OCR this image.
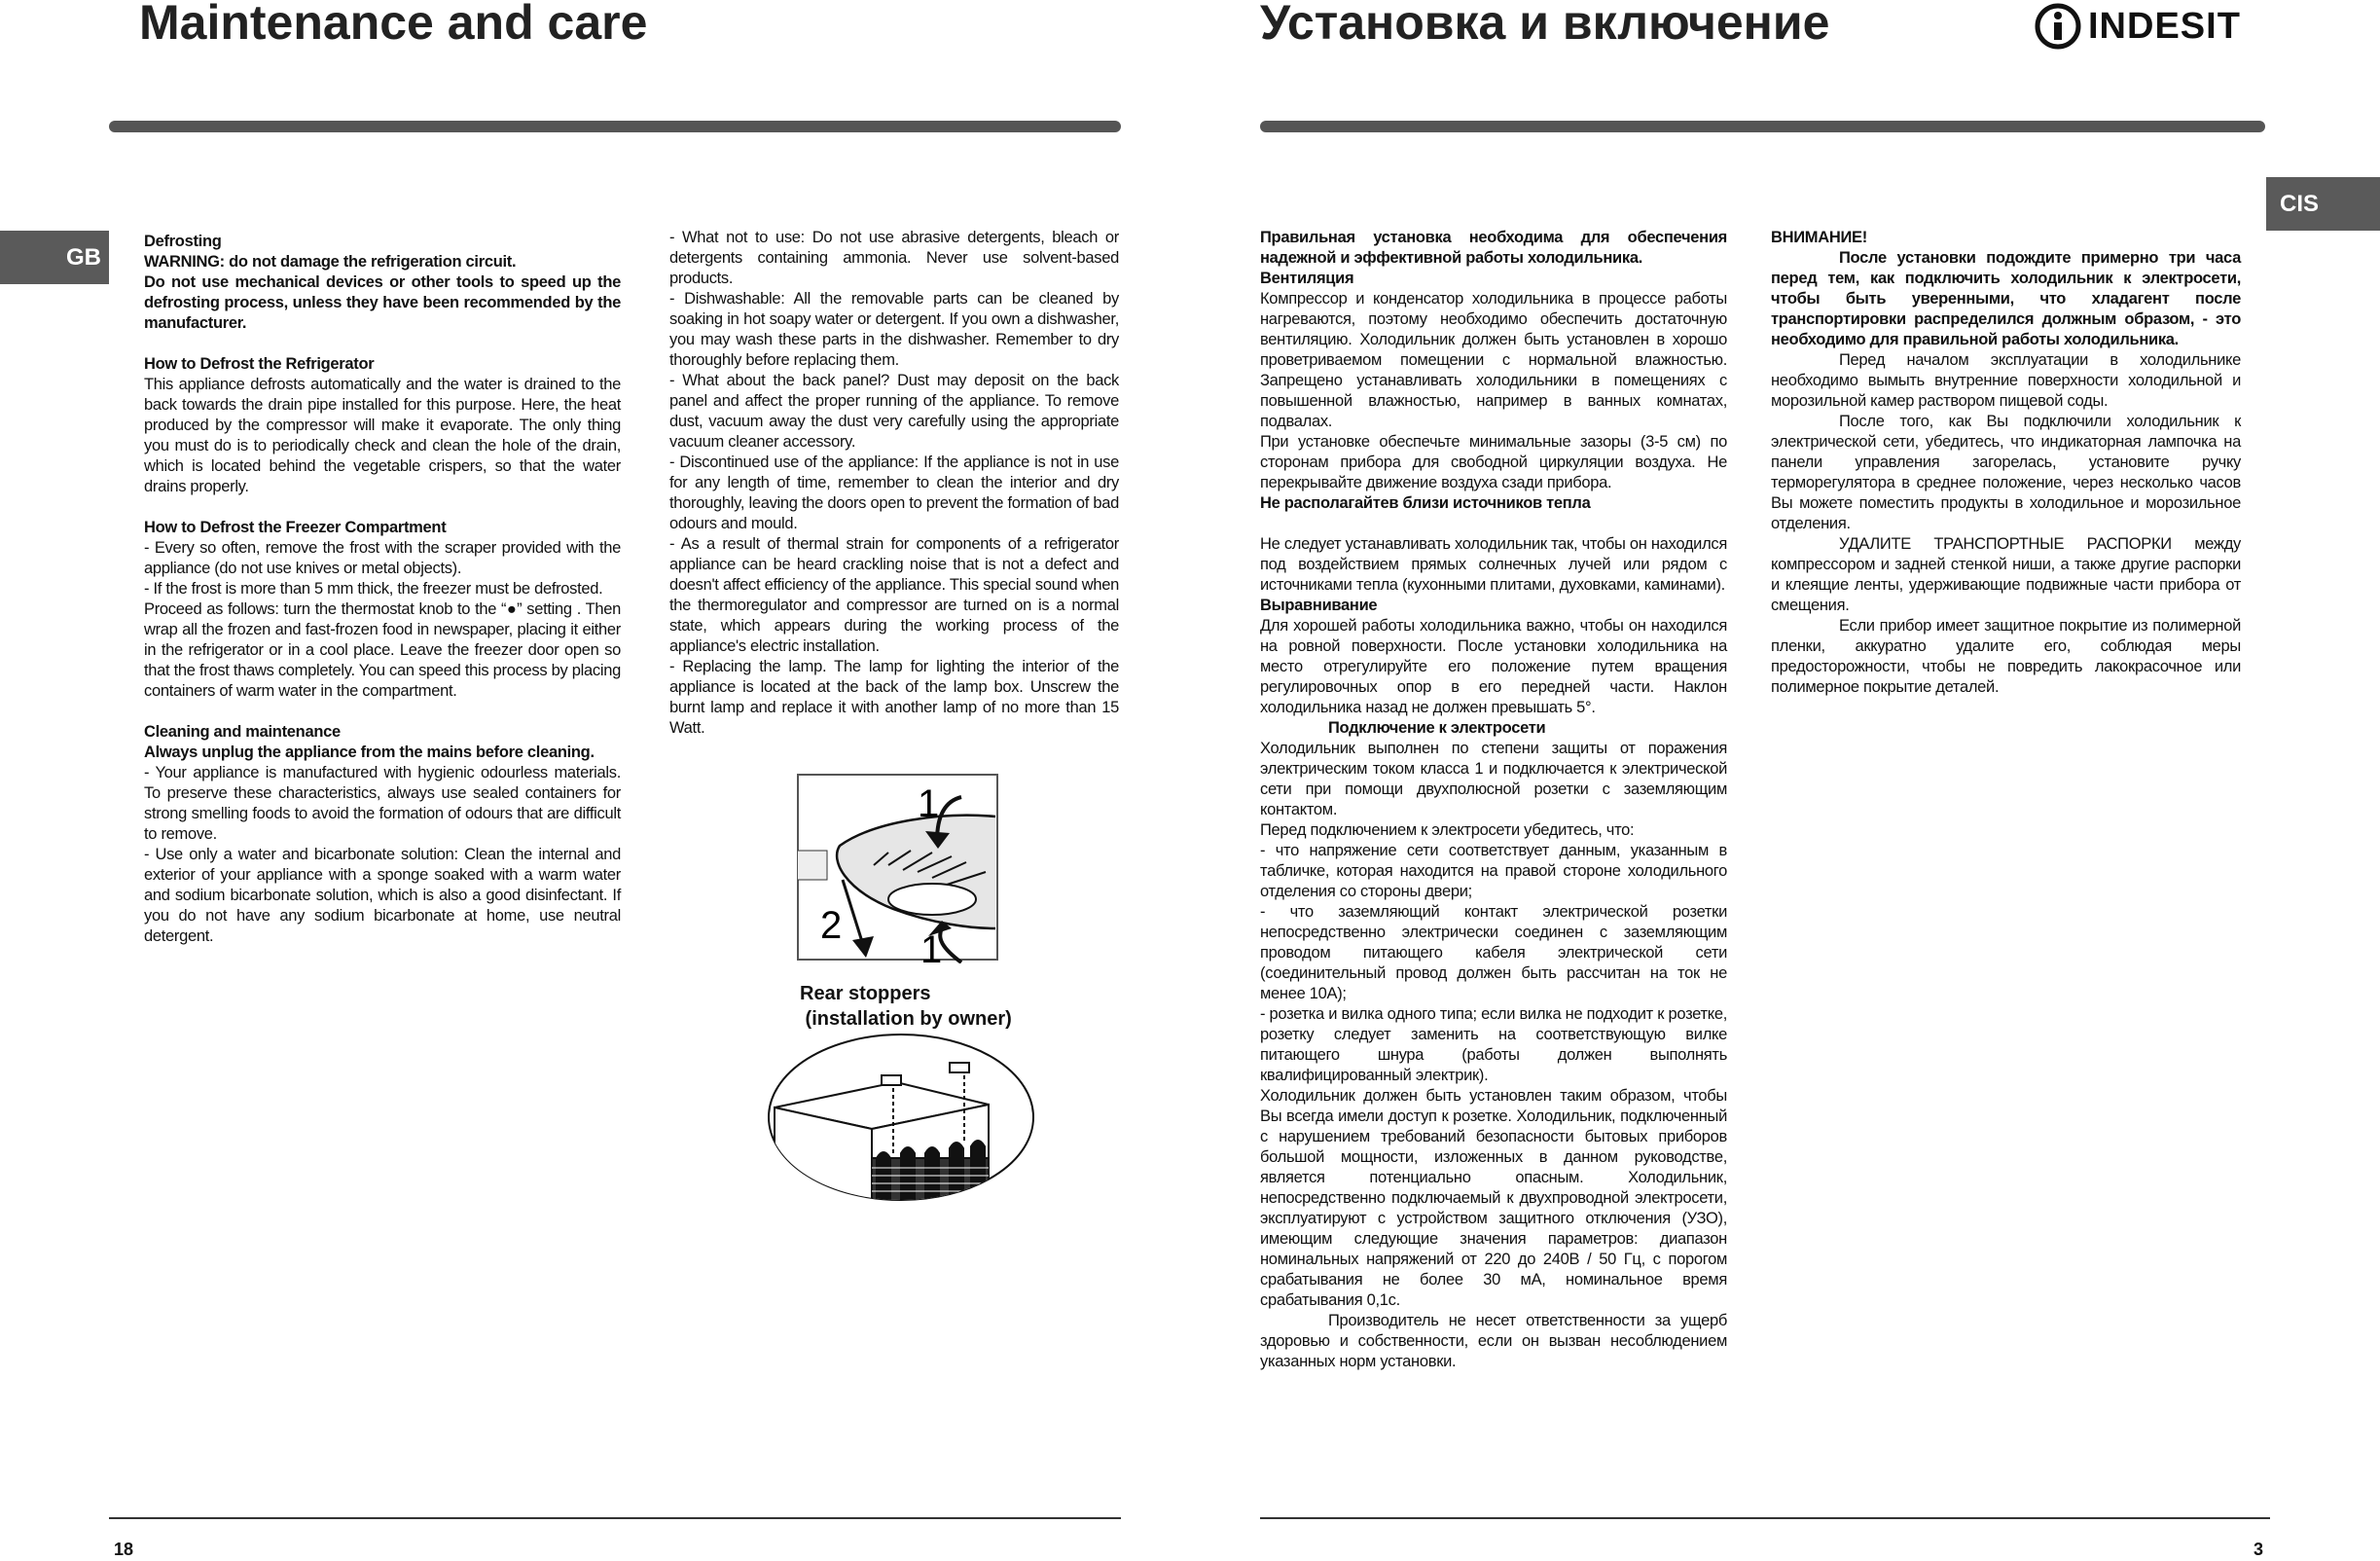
Maintenance and care	Установка и включение	INDESIT
GB
CIS

Defrosting

WARNING: do not damage the refrigeration circuit.

Do not use mechanical devices or other tools to speed up the defrosting process, unless they have been recommended by the manufacturer.

How to Defrost the Refrigerator

This appliance defrosts automatically and the water is drained to the back towards the drain pipe installed for this purpose. Here, the heat produced by the compressor will make it evaporate. The only thing you must do is to periodically check and clean the hole of the drain, which is located behind the vegetable crispers, so that the water drains properly.

How to Defrost the Freezer Compartment

- Every so often, remove the frost with the scraper provided with the appliance (do not use knives or metal objects).

- If the frost is more than 5 mm thick, the freezer must be defrosted.

Proceed as follows: turn the thermostat knob to the “●” setting . Then wrap all the frozen and fast-frozen food in newspaper, placing it either in the refrigerator or in a cool place. Leave the freezer door open so that the frost thaws completely. You can speed this process by placing containers of warm water in the compartment.

Cleaning and maintenance

Always unplug the appliance from the mains before cleaning.

- Your appliance is manufactured with hygienic odourless materials. To preserve these characteristics, always use sealed containers for strong smelling foods to avoid the formation of odours that are difficult to remove.

- Use only a water and bicarbonate solution: Clean the internal and exterior of your appliance with a sponge soaked with a warm water and sodium bicarbonate solution, which is also a good disinfectant. If you do not have any sodium bicarbonate at home, use neutral detergent.

- What not to use: Do not use abrasive detergents, bleach or detergents containing ammonia. Never use solvent-based products.

- Dishwashable: All the removable parts can be cleaned by soaking in hot soapy water or detergent. If you own a dishwasher, you may wash these parts in the dishwasher. Remember to dry thoroughly before replacing them.

- What about the back panel? Dust may deposit on the back panel and affect the proper running of the appliance. To remove dust, vacuum away the dust very carefully using the appropriate vacuum cleaner accessory.

- Discontinued use of the appliance: If the appliance is not in use for any length of time, remember to clean the interior and dry thoroughly, leaving the doors open to prevent the formation of bad odours and mould.

- As a result of thermal strain for components of a refrigerator appliance can be heard crackling noise that is not a defect and doesn't affect efficiency of the appliance. This special sound when the thermoregulator and compressor are turned on is a normal state, which appears during the working process of the appliance's electric installation.

- Replacing the lamp. The lamp for lighting the interior of the appliance is located at the back of the lamp box. Unscrew the burnt lamp and replace it with another lamp of no more than 15 Watt.

Правильная установка необходима для обеспечения надежной и эффективной работы холодильника.

Вентиляция

Компрессор и конденсатор холодильника в процессе работы нагреваются, поэтому необходимо обеспечить достаточную вентиляцию. Холодильник должен быть установлен в хорошо проветриваемом помещении с нормальной влажностью. Запрещено устанавливать холодильники в помещениях с повышенной влажностью, например в ванных комнатах, подвалах.

При установке обеспечьте минимальные зазоры (3-5 см) по сторонам прибора для свободной циркуляции воздуха. Не перекрывайте движение воздуха сзади прибора.

Не располагайтев близи источников тепла

Не следует устанавливать холодильник так, чтобы он находился под воздействием прямых солнечных лучей или рядом с источниками тепла (кухонными плитами, духовками, каминами).

Выравнивание

Для хорошей работы холодильника важно, чтобы он находился на ровной поверхности. После установки холодильника на место отрегулируйте его положение путем вращения регулировочных опор в его передней части. Наклон холодильника назад не должен превышать 5°.

Подключение к электросети

Холодильник выполнен по степени защиты от поражения электрическим током класса 1 и подключается к электрической сети при помощи двухполюсной розетки с заземляющим контактом.

Перед подключением к электросети убедитесь, что:

- что напряжение сети соответствует данным, указанным в табличке, которая находится на правой стороне холодильного отделения со стороны двери;

- что заземляющий контакт электрической розетки непосредственно электрически соединен с заземляющим проводом питающего кабеля электрической сети (соединительный провод должен быть рассчитан на ток не менее 10А);

- розетка и вилка одного типа; если вилка не подходит к розетке, розетку следует заменить на соответствующую вилке питающего шнура (работы должен выполнять квалифицированный электрик).

Холодильник должен быть установлен таким образом, чтобы Вы всегда имели доступ к розетке. Холодильник, подключенный с нарушением требований безопасности бытовых приборов большой мощности, изложенных в данном руководстве, является потенциально опасным. Холодильник, непосредственно подключаемый к двухпроводной электросети, эксплуатируют с устройством защитного отключения (УЗО), имеющим следующие значения параметров: диапазон номинальных напряжений от 220 до 240В / 50 Гц, с порогом срабатывания не более 30 мА, номинальное время срабатывания 0,1с.

Производитель не несет ответственности за ущерб здоровью и собственности, если он вызван несоблюдением указанных норм установки.

ВНИМАНИЕ!

После установки подождите примерно три часа перед тем, как подключить холодильник к электросети, чтобы быть уверенными, что хладагент после транспортировки распределился должным образом, - это необходимо для правильной работы холодильника.

Перед началом эксплуатации в холодильнике необходимо вымыть внутренние поверхности холодильной и морозильной камер раствором пищевой соды.

После того, как Вы подключили холодильник к электрической сети, убедитесь, что индикаторная лампочка на панели управления загорелась, установите ручку терморегулятора в среднее положение, через несколько часов Вы можете поместить продукты в холодильное и морозильное отделения.

УДАЛИТЕ ТРАНСПОРТНЫЕ РАСПОРКИ между компрессором и задней стенкой ниши, а также другие распорки и клеящие ленты, удерживающие подвижные части прибора от смещения.

Если прибор имеет защитное покрытие из полимерной пленки, аккуратно удалите его, соблюдая меры предосторожности, чтобы не повредить лакокрасочное или полимерное покрытие деталей.

1
2
1
Rear stoppers
(installation by owner)
18	3
